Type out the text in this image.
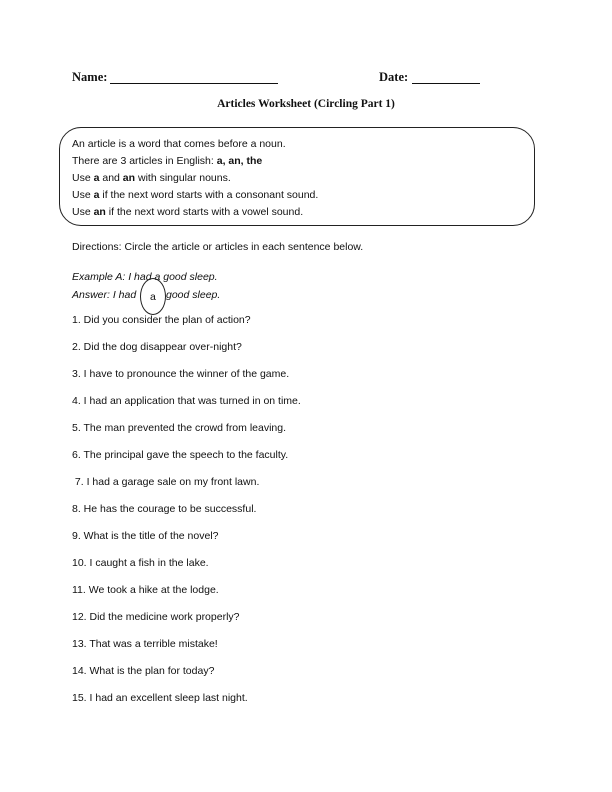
Name:	Date:
Articles Worksheet (Circling Part 1)
An article is a word that comes before a noun.
There are 3 articles in English: a, an, the
Use a and an with singular nouns.
Use a if the next word starts with a consonant sound.
Use an if the next word starts with a vowel sound.
Directions: Circle the article or articles in each sentence below.
Example A: I had a good sleep.
Answer: I had a good sleep.
1. Did you consider the plan of action?
2. Did the dog disappear over-night?
3. I have to pronounce the winner of the game.
4. I had an application that was turned in on time.
5. The man prevented the crowd from leaving.
6. The principal gave the speech to the faculty.
7. I had a garage sale on my front lawn.
8. He has the courage to be successful.
9. What is the title of the novel?
10. I caught a fish in the lake.
11. We took a hike at the lodge.
12. Did the medicine work properly?
13. That was a terrible mistake!
14. What is the plan for today?
15. I had an excellent sleep last night.
